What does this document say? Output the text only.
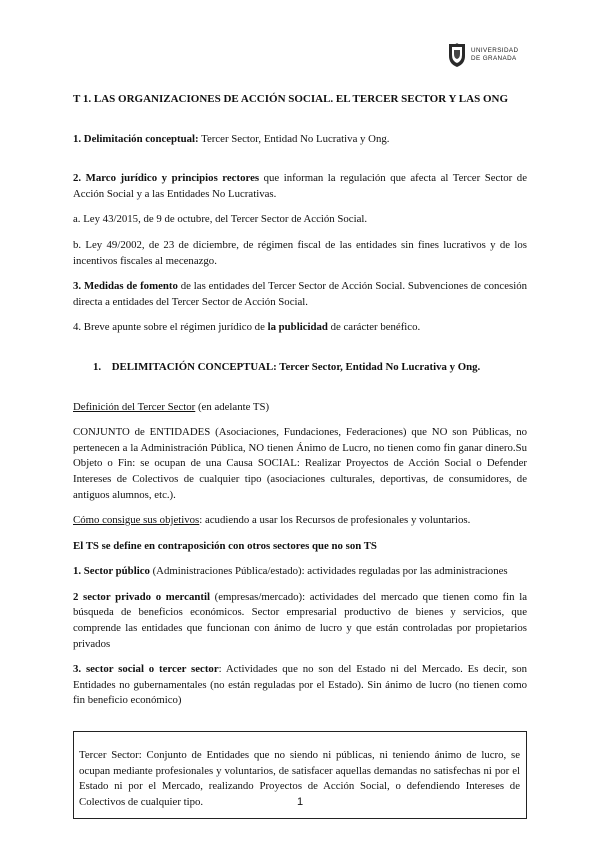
UNIVERSIDAD
DE GRANADA

T 1. LAS ORGANIZACIONES DE ACCIÓN SOCIAL. EL TERCER SECTOR Y LAS ONG

1. Delimitación conceptual: Tercer Sector, Entidad No Lucrativa y Ong.

2. Marco jurídico y principios rectores que informan la regulación que afecta al Tercer Sector de Acción Social y a las Entidades No Lucrativas.

a. Ley 43/2015, de 9 de octubre, del Tercer Sector de Acción Social.

b. Ley 49/2002, de 23 de diciembre, de régimen fiscal de las entidades sin fines lucrativos y de los incentivos fiscales al mecenazgo.

3. Medidas de fomento de las entidades del Tercer Sector de Acción Social. Subvenciones de concesión directa a entidades del Tercer Sector de Acción Social.

4. Breve apunte sobre el régimen jurídico de la publicidad de carácter benéfico.

1. DELIMITACIÓN CONCEPTUAL: Tercer Sector, Entidad No Lucrativa y Ong.

Definición del Tercer Sector (en adelante TS)

CONJUNTO de ENTIDADES (Asociaciones, Fundaciones, Federaciones) que NO son Públicas, no pertenecen a la Administración Pública, NO tienen Ánimo de Lucro, no tienen como fin ganar dinero.Su Objeto o Fin: se ocupan de una Causa SOCIAL: Realizar Proyectos de Acción Social o Defender Intereses de Colectivos de cualquier tipo (asociaciones culturales, deportivas, de consumidores, de antiguos alumnos, etc.).

Cómo consigue sus objetivos: acudiendo a usar los Recursos de profesionales y voluntarios.

El TS se define en contraposición con otros sectores que no son TS

1. Sector público (Administraciones Pública/estado): actividades reguladas por las administraciones

2 sector privado o mercantil (empresas/mercado): actividades del mercado que tienen como fin la búsqueda de beneficios económicos. Sector empresarial productivo de bienes y servicios, que comprende las entidades que funcionan con ánimo de lucro y que están controladas por propietarios privados

3. sector social o tercer sector: Actividades que no son del Estado ni del Mercado. Es decir, son Entidades no gubernamentales (no están reguladas por el Estado). Sin ánimo de lucro (no tienen como fin beneficio económico)

Tercer Sector: Conjunto de Entidades que no siendo ni públicas, ni teniendo ánimo de lucro, se ocupan mediante profesionales y voluntarios, de satisfacer aquellas demandas no satisfechas ni por el Estado ni por el Mercado, realizando Proyectos de Acción Social, o defendiendo Intereses de Colectivos de cualquier tipo.	1
